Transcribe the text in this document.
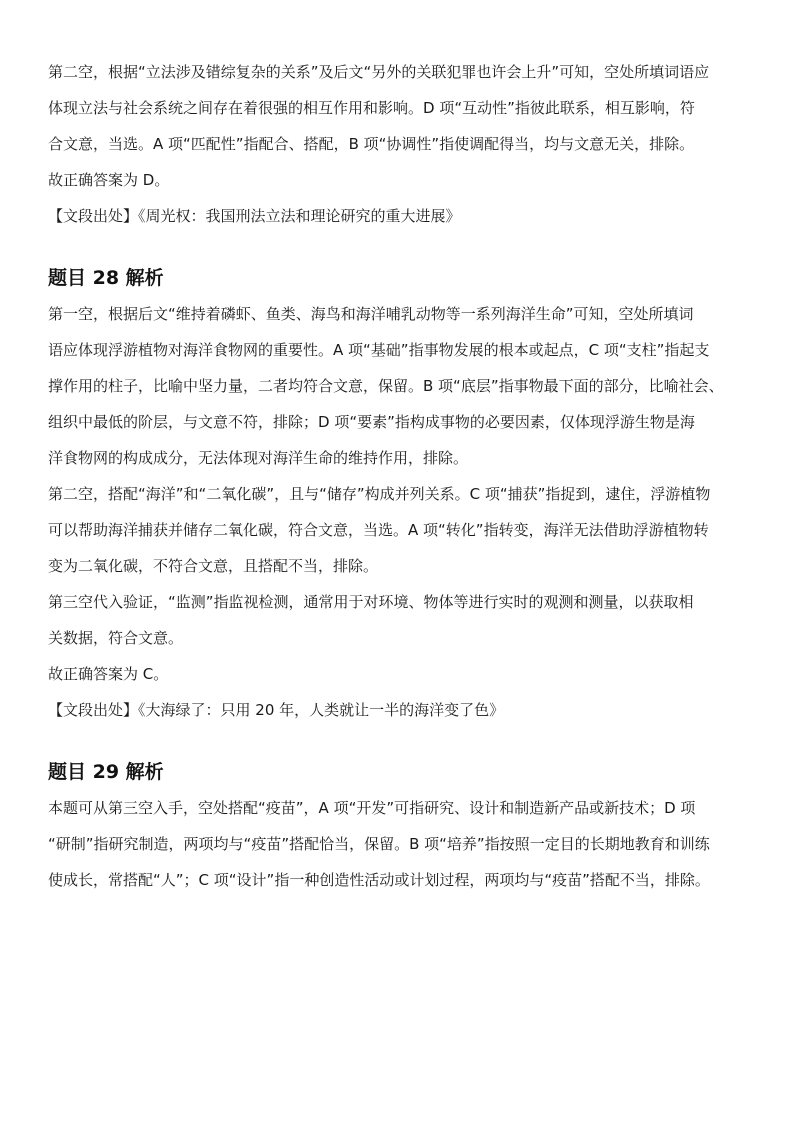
第二空，根据“立法涉及错综复杂的关系”及后文“另外的关联犯罪也许会上升”可知，空处所填词语应
体现立法与社会系统之间存在着很强的相互作用和影响。D 项“互动性”指彼此联系，相互影响，符
合文意，当选。A 项“匹配性”指配合、搭配，B 项“协调性”指使调配得当，均与文意无关，排除。

故正确答案为 D。

【文段出处】《周光权：我国刑法立法和理论研究的重大进展》

题目 28 解析

第一空，根据后文“维持着磷虾、鱼类、海鸟和海洋哺乳动物等一系列海洋生命”可知，空处所填词
语应体现浮游植物对海洋食物网的重要性。A 项“基础”指事物发展的根本或起点，C 项“支柱”指起支
撑作用的柱子，比喻中坚力量，二者均符合文意，保留。B 项“底层”指事物最下面的部分，比喻社会、
组织中最低的阶层，与文意不符，排除；D 项“要素”指构成事物的必要因素，仅体现浮游生物是海
洋食物网的构成成分，无法体现对海洋生命的维持作用，排除。

第二空，搭配“海洋”和“二氧化碳”，且与“储存”构成并列关系。C 项“捕获”指捉到，逮住，浮游植物
可以帮助海洋捕获并储存二氧化碳，符合文意，当选。A 项“转化”指转变，海洋无法借助浮游植物转
变为二氧化碳，不符合文意，且搭配不当，排除。

第三空代入验证，“监测”指监视检测，通常用于对环境、物体等进行实时的观测和测量，以获取相
关数据，符合文意。

故正确答案为 C。

【文段出处】《大海绿了：只用 20 年，人类就让一半的海洋变了色》

题目 29 解析

本题可从第三空入手，空处搭配“疫苗”，A 项“开发”可指研究、设计和制造新产品或新技术；D 项
“研制”指研究制造，两项均与“疫苗”搭配恰当，保留。B 项“培养”指按照一定目的长期地教育和训练
使成长，常搭配“人”；C 项“设计”指一种创造性活动或计划过程，两项均与“疫苗”搭配不当，排除。
